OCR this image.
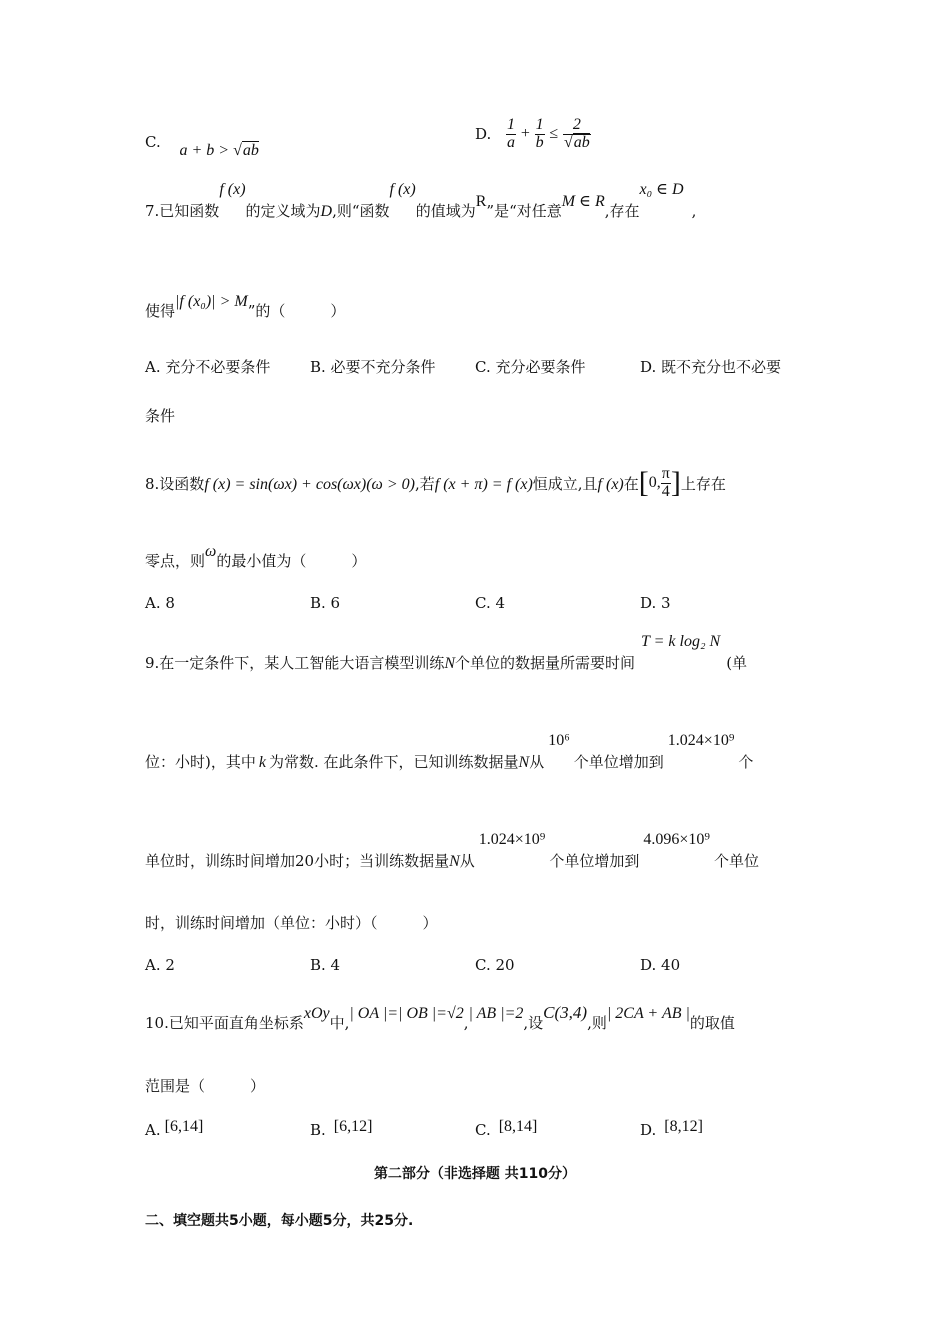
C. a + b > √ab
D. $\frac{1}{a} + \frac{1}{b} \le \frac{2}{√ab}$
7.已知函数f (x)的定义域为D,则“函数f (x)的值域为R”是“对任意M ∈ R,存在x₀ ∈ D,
使得|f (x₀)| > M”的（　　　）
A. 充分不必要条件	B. 必要不充分条件	C. 充分必要条件	D. 既不充分也不必要
条件
8.设函数f (x) = sin(ωx) + cos(ωx)(ω > 0),若f (x + π) = f (x)恒成立,且f (x)在[0, $\frac{\pi}{4}$ ]上存在
零点，则ω的最小值为（　　　）
A. 8	B. 6	C. 4	D. 3
9.在一定条件下，某人工智能大语言模型训练N个单位的数据量所需要时间T = k log₂ N(单
位：小时)，其中 k 为常数. 在此条件下，已知训练数据量N从10⁶个单位增加到1.024×10⁹个
单位时，训练时间增加20小时；当训练数据量N从1.024×10⁹个单位增加到4.096×10⁹个单位
时，训练时间增加（单位：小时）（　　　）
A. 2	B. 4	C. 20	D. 40
10.已知平面直角坐标系xOy中,| OA |=| OB |=√2,| AB |=2,设C(3,4),则| 2CA + AB |的取值
范围是（　　　）
A. [6,14]	B. [6,12]	C. [8,14]	D. [8,12]
第二部分（非选择题 共110分）
二、填空题共5小题，每小题5分，共25分.
